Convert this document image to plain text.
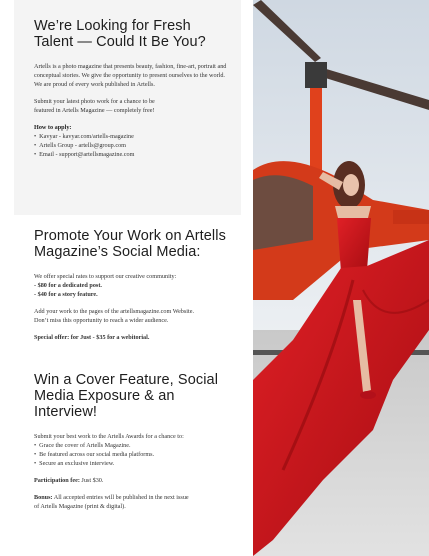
We’re Looking for Fresh
Talent — Could It Be You?

Artells is a photo magazine that presents beauty, fashion, fine-art, portrait and conceptual stories. We give the opportunity to present ourselves to the world. We are proud of every work published in Artells.

Submit your latest photo work for a chance to be
featured in Artells Magazine — completely free!

How to apply:
• Kavyar - kavyar.com/artells-magazine
• Artells Group - artells@group.com
• Email - support@artellsmagazine.com
Promote Your Work on Artells
Magazine’s Social Media:

We offer special rates to support our creative community:
- $80 for a dedicated post.
- $40 for a story feature.

Add your work to the pages of the artellsmagazine.com Website.
Don’t miss this opportunity to reach a wider audience.

Special offer: for Just - $35 for a webitorial.

Win a Cover Feature, Social
Media Exposure & an Interview!

Submit your best work to the Artells Awards for a chance to:

• Grace the cover of Artells Magazine.
• Be featured across our social media platforms.
• Secure an exclusive interview.

Participation fee: Just $30.

Bonus: All accepted entries will be published in the next issue
of Artells Magazine (print & digital).
